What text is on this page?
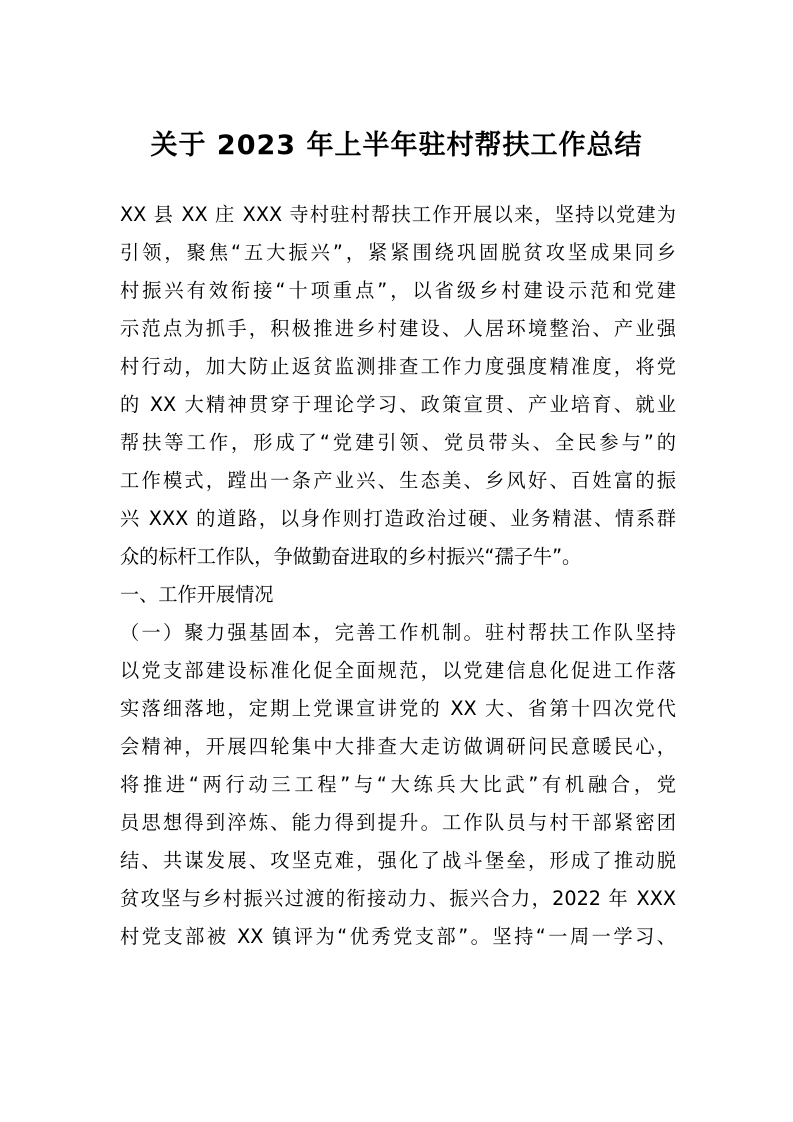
关于 2023 年上半年驻村帮扶工作总结
XX 县 XX 庄 XXX 寺村驻村帮扶工作开展以来，坚持以党建为
引领，聚焦“五大振兴”，紧紧围绕巩固脱贫攻坚成果同乡
村振兴有效衔接“十项重点”，以省级乡村建设示范和党建
示范点为抓手，积极推进乡村建设、人居环境整治、产业强
村行动，加大防止返贫监测排查工作力度强度精准度，将党
的 XX 大精神贯穿于理论学习、政策宣贯、产业培育、就业
帮扶等工作，形成了“党建引领、党员带头、全民参与”的
工作模式，蹚出一条产业兴、生态美、乡风好、百姓富的振
兴 XXX 的道路，以身作则打造政治过硬、业务精湛、情系群
众的标杆工作队，争做勤奋进取的乡村振兴“孺子牛”。
一、工作开展情况
（一）聚力强基固本，完善工作机制。驻村帮扶工作队坚持
以党支部建设标准化促全面规范，以党建信息化促进工作落
实落细落地，定期上党课宣讲党的 XX 大、省第十四次党代
会精神，开展四轮集中大排查大走访做调研问民意暖民心，
将推进“两行动三工程”与“大练兵大比武”有机融合，党
员思想得到淬炼、能力得到提升。工作队员与村干部紧密团
结、共谋发展、攻坚克难，强化了战斗堡垒，形成了推动脱
贫攻坚与乡村振兴过渡的衔接动力、振兴合力，2022 年 XXX
村党支部被 XX 镇评为“优秀党支部”。坚持“一周一学习、
